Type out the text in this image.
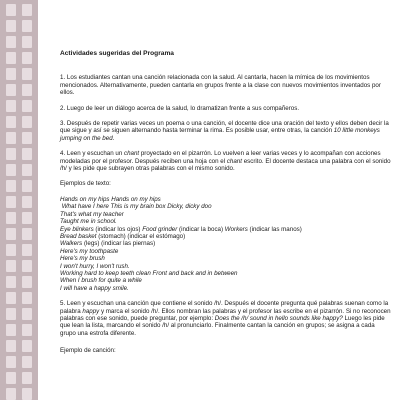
Actividades sugeridas del Programa

1. Los estudiantes cantan una canción relacionada con la salud. Al cantarla, hacen la mímica de los movimientos mencionados. Alternativamente, pueden cantarla en grupos frente a la clase con nuevos movimientos inventados por ellos.

2. Luego de leer un diálogo acerca de la salud, lo dramatizan frente a sus compañeros.

3. Después de repetir varias veces un poema o una canción, el docente dice una oración del texto y ellos deben decir la que sigue y así se siguen alternando hasta terminar la rima. Es posible usar, entre otras, la canción 10 little monkeys jumping on the bed.

4. Leen y escuchan un chant proyectado en el pizarrón. Lo vuelven a leer varias veces y lo acompañan con acciones modeladas por el profesor. Después reciben una hoja con el chant escrito. El docente destaca una palabra con el sonido /h/ y les pide que subrayen otras palabras con el mismo sonido.

Ejemplos de texto:
Hands on my hips Hands on my hips
What have I here This is my brain box Dicky, dicky doo
That's what my teacher
Taught me in school.
Eye blinkers (indicar los ojos) Food grinder (indicar la boca) Workers (indicar las manos)
Bread basket (stomach) (indicar el estómago)
Walkers (legs) (indicar las piernas)
Here's my toothpaste
Here's my brush
I won't hurry, I won't rush.
Working hard to keep teeth clean Front and back and in between
When I brush for quite a while
I will have a happy smile.

5. Leen y escuchan una canción que contiene el sonido /h/. Después el docente pregunta qué palabras suenan como la palabra happy y marca el sonido /h/. Ellos nombran las palabras y el profesor las escribe en el pizarrón. Si no reconocen palabras con ese sonido, puede preguntar, por ejemplo: Does the /h/ sound in hello sounds like happy? Luego les pide que lean la lista, marcando el sonido /h/ al pronunciarlo. Finalmente cantan la canción en grupos; se asigna a cada grupo una estrofa diferente.

Ejemplo de canción:
